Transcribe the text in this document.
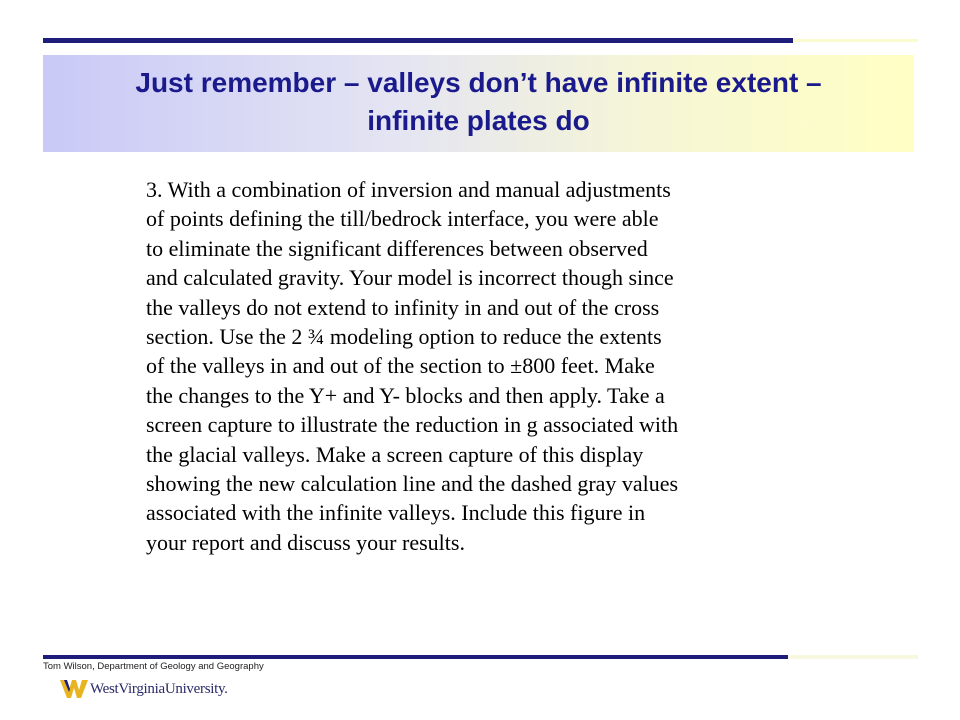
Just remember – valleys don’t have infinite extent –
infinite plates do
3. With a combination of inversion and manual adjustments
of points defining the till/bedrock interface, you were able
to eliminate the significant differences between observed
and calculated gravity. Your model is incorrect though since
the valleys do not extend to infinity in and out of the cross
section. Use the 2 ¾ modeling option to reduce the extents
of the valleys in and out of the section to ±800 feet. Make
the changes to the Y+ and Y- blocks and then apply. Take a
screen capture to illustrate the reduction in g associated with
the glacial valleys. Make a screen capture of this display
showing the new calculation line and the dashed gray values
associated with the infinite valleys. Include this figure in
your report and discuss your results.
Tom Wilson, Department of Geology and Geography
WestVirginiaUniversity.
